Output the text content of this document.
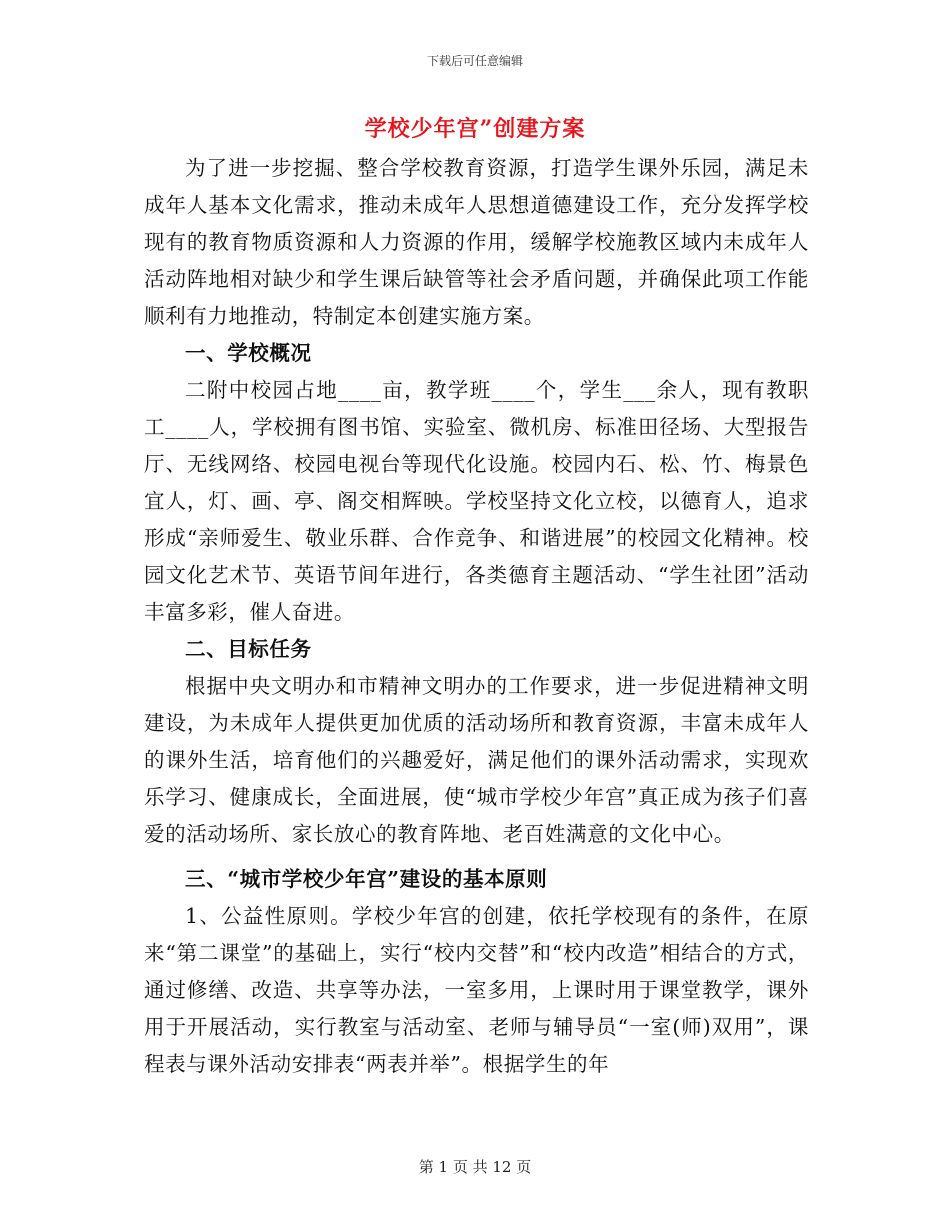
下载后可任意编辑
学校少年宫”创建方案

为了进一步挖掘、整合学校教育资源，打造学生课外乐园，满足未成年人基本文化需求，推动未成年人思想道德建设工作，充分发挥学校现有的教育物质资源和人力资源的作用，缓解学校施教区域内未成年人活动阵地相对缺少和学生课后缺管等社会矛盾问题，并确保此项工作能顺利有力地推动，特制定本创建实施方案。

一、学校概况

二附中校园占地____亩，教学班____个，学生___余人，现有教职工____人，学校拥有图书馆、实验室、微机房、标准田径场、大型报告厅、无线网络、校园电视台等现代化设施。校园内石、松、竹、梅景色宜人，灯、画、亭、阁交相辉映。学校坚持文化立校，以德育人，追求形成“亲师爱生、敬业乐群、合作竞争、和谐进展”的校园文化精神。校园文化艺术节、英语节间年进行，各类德育主题活动、“学生社团”活动丰富多彩，催人奋进。

二、目标任务

根据中央文明办和市精神文明办的工作要求，进一步促进精神文明建设，为未成年人提供更加优质的活动场所和教育资源，丰富未成年人的课外生活，培育他们的兴趣爱好，满足他们的课外活动需求，实现欢乐学习、健康成长，全面进展，使“城市学校少年宫”真正成为孩子们喜爱的活动场所、家长放心的教育阵地、老百姓满意的文化中心。

三、“城市学校少年宫”建设的基本原则

1、公益性原则。学校少年宫的创建，依托学校现有的条件，在原来“第二课堂”的基础上，实行“校内交替”和“校内改造”相结合的方式，通过修缮、改造、共享等办法，一室多用，上课时用于课堂教学，课外用于开展活动，实行教室与活动室、老师与辅导员“一室(师)双用”，课程表与课外活动安排表“两表并举”。根据学生的年

第 1 页 共 12 页
